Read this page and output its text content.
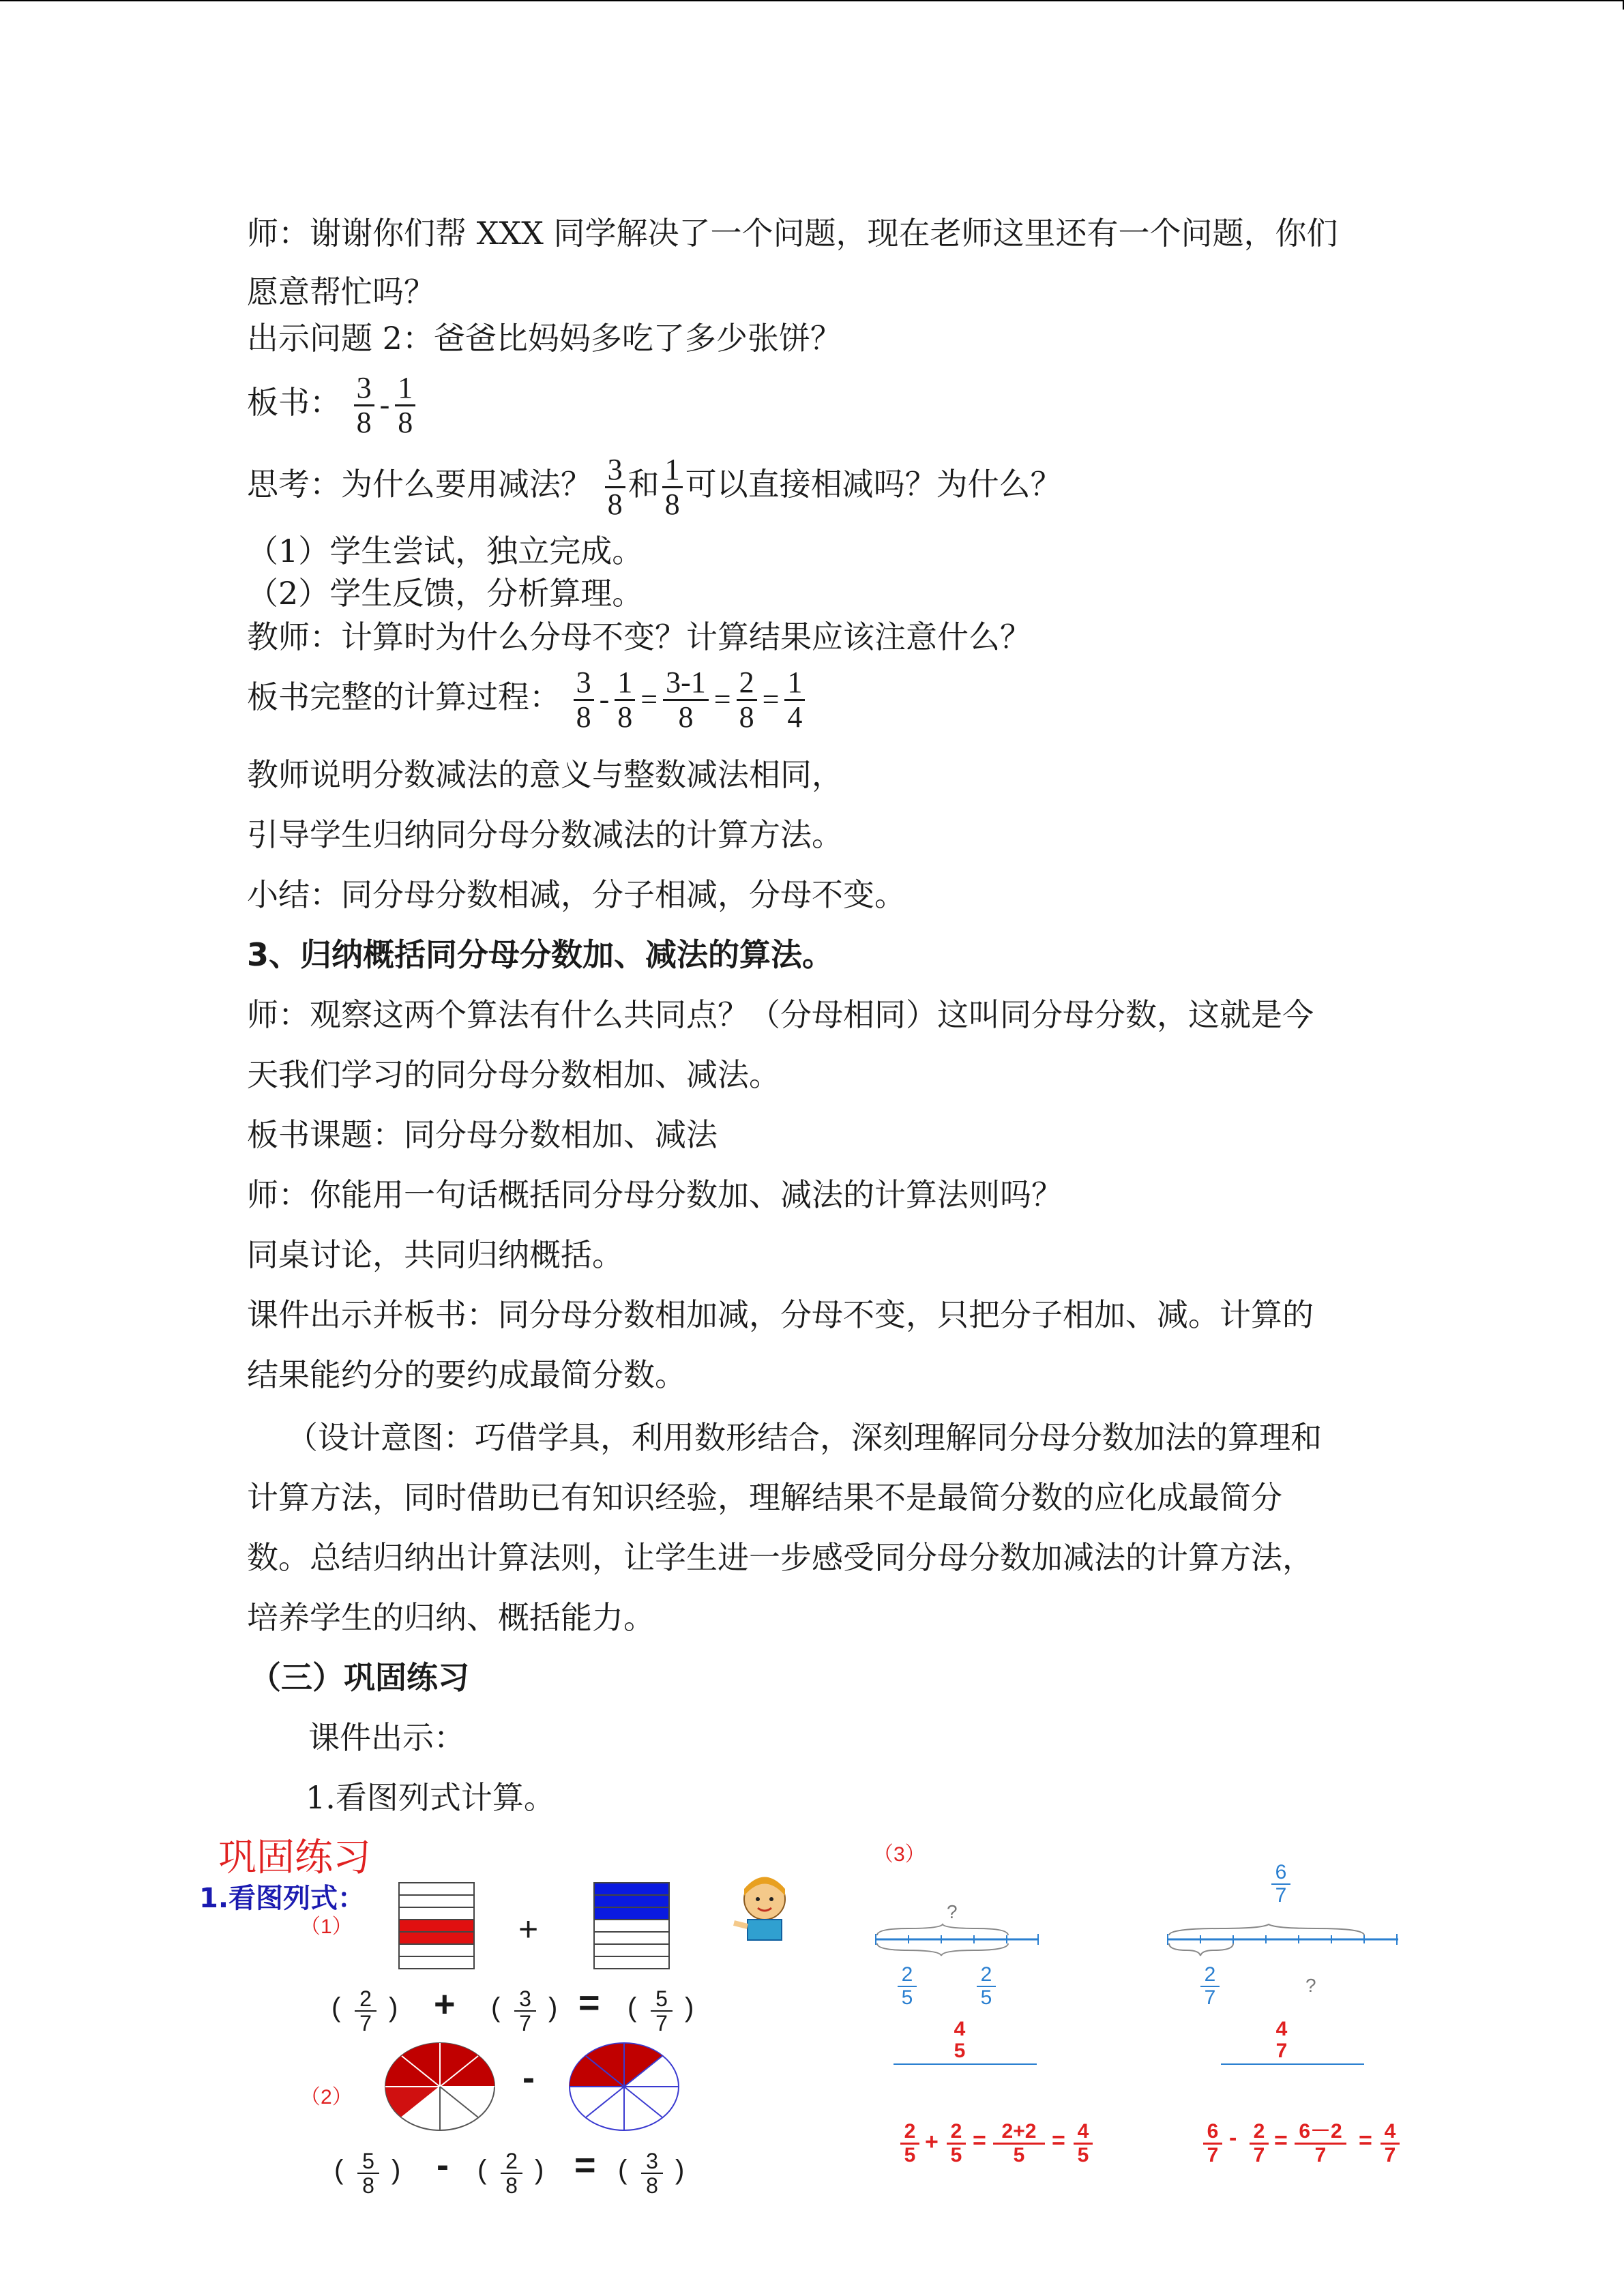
师：谢谢你们帮 XXX 同学解决了一个问题，现在老师这里还有一个问题，你们
愿意帮忙吗？
出示问题 2：爸爸比妈妈多吃了多少张饼？
板书： $\frac{3}{8} - \frac{1}{8}$
思考：为什么要用减法？ $\frac{3}{8}$ 和 $\frac{1}{8}$ 可以直接相减吗？为什么？
（1）学生尝试，独立完成。
（2）学生反馈，分析算理。
教师：计算时为什么分母不变？计算结果应该注意什么？
板书完整的计算过程： $\frac{3}{8} - \frac{1}{8} = \frac{3-1}{8} = \frac{2}{8} = \frac{1}{4}$
教师说明分数减法的意义与整数减法相同，
引导学生归纳同分母分数减法的计算方法。
小结：同分母分数相减，分子相减，分母不变。
3、归纳概括同分母分数加、减法的算法。
师：观察这两个算法有什么共同点？（分母相同）这叫同分母分数，这就是今
天我们学习的同分母分数相加、减法。
板书课题：同分母分数相加、减法
师：你能用一句话概括同分母分数加、减法的计算法则吗？
同桌讨论，共同归纳概括。
课件出示并板书：同分母分数相加减，分母不变，只把分子相加、减。计算的
结果能约分的要约成最简分数。
（设计意图：巧借学具，利用数形结合，深刻理解同分母分数加法的算理和
计算方法，同时借助已有知识经验，理解结果不是最简分数的应化成最简分
数。总结归纳出计算法则，让学生进一步感受同分母分数加减法的计算方法，
培养学生的归纳、概括能力。
（三）巩固练习
课件出示：
1.看图列式计算。
巩固练习
1.看图列式：
（1）
（2）
（3）
+
( 2
7
) + ( 3
7
) = ( 5
7
)
-
( 5
8
) - ( 2
8
) = ( 3
8
)
?
2
5
2
5
4
5
2
5
+ 2
5
= 2+2
5
= 4
5
6
7
2
7
?
4
7
6
7
- 2
7
= 6－2
7
= 4
7
